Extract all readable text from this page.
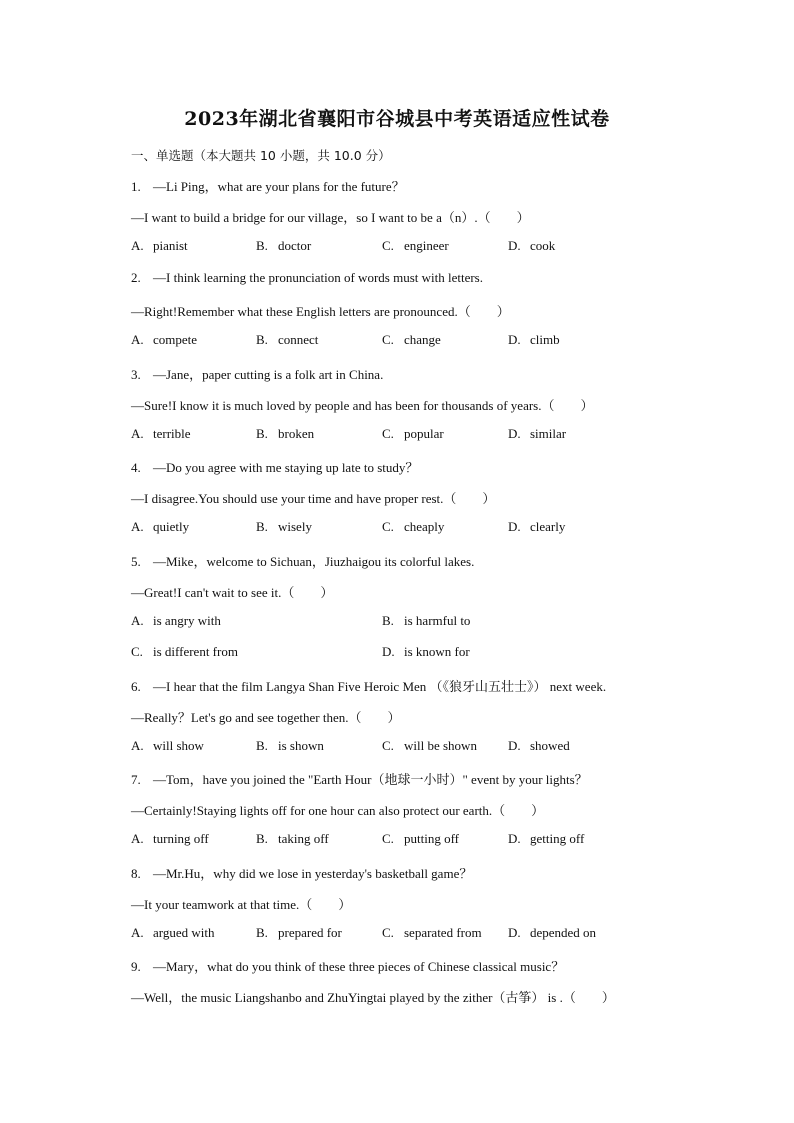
2023年湖北省襄阳市谷城县中考英语适应性试卷
一、单选题（本大题共 10 小题，共 10.0 分）
1. —Li Ping，what are your plans for the future？
—I want to build a bridge for our village，so I want to be a（n）.（　　）
A. pianist	B. doctor	C. engineer	D. cook
2. —I think learning the pronunciation of words must with letters.
—Right!Remember what these English letters are pronounced.（　　）
A. compete	B. connect	C. change	D. climb
3. —Jane，paper cutting is a folk art in China.
—Sure!I know it is much loved by people and has been for thousands of years.（　　）
A. terrible	B. broken	C. popular	D. similar
4. —Do you agree with me staying up late to study？
—I disagree.You should use your time and have proper rest.（　　）
A. quietly	B. wisely	C. cheaply	D. clearly
5. —Mike，welcome to Sichuan，Jiuzhaigou its colorful lakes.
—Great!I can't wait to see it.（　　）
A. is angry with	B. is harmful to
C. is different from	D. is known for
6. —I hear that the film Langya Shan Five Heroic Men （《狼牙山五壮士》） next week.
—Really？Let's go and see together then.（　　）
A. will show	B. is shown	C. will be shown D. showed
7. —Tom，have you joined the "Earth Hour（地球一小时）" event by your lights？
—Certainly!Staying lights off for one hour can also protect our earth.（　　）
A. turning off	B. taking off	C. putting off	D. getting off
8. —Mr.Hu，why did we lose in yesterday's basketball game？
—It your teamwork at that time.（　　）
A. argued with	B. prepared for	C. separated from D. depended on
9. —Mary，what do you think of these three pieces of Chinese classical music？
—Well，the music Liangshanbo and ZhuYingtai played by the zither（古筝） is .（　　）
